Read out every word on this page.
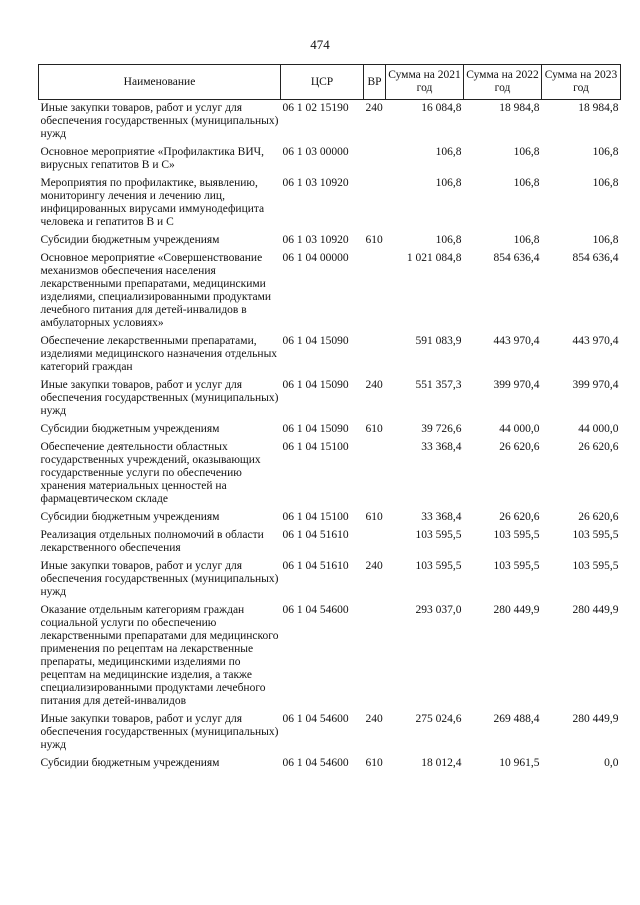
474
Наименование	ЦСР	ВР	Сумма на 2021 год	Сумма на 2022 год	Сумма на 2023 год
Иные закупки товаров, работ и услуг для обеспечения государственных (муниципальных) нужд	06 1 02 15190	240	16 084,8	18 984,8	18 984,8
Основное мероприятие «Профилактика ВИЧ, вирусных гепатитов В и С»	06 1 03 00000		106,8	106,8	106,8
Мероприятия по профилактике, выявлению, мониторингу лечения и лечению лиц, инфицированных вирусами иммунодефицита человека и гепатитов В и С	06 1 03 10920		106,8	106,8	106,8
Субсидии бюджетным учреждениям	06 1 03 10920	610	106,8	106,8	106,8
Основное мероприятие «Совершенствование механизмов обеспечения населения лекарственными препаратами, медицинскими изделиями, специализированными продуктами лечебного питания для детей-инвалидов в амбулаторных условиях»	06 1 04 00000		1 021 084,8	854 636,4	854 636,4
Обеспечение лекарственными препаратами, изделиями медицинского назначения отдельных категорий граждан	06 1 04 15090		591 083,9	443 970,4	443 970,4
Иные закупки товаров, работ и услуг для обеспечения государственных (муниципальных) нужд	06 1 04 15090	240	551 357,3	399 970,4	399 970,4
Субсидии бюджетным учреждениям	06 1 04 15090	610	39 726,6	44 000,0	44 000,0
Обеспечение деятельности областных государственных учреждений, оказывающих государственные услуги по обеспечению хранения материальных ценностей на фармацевтическом складе	06 1 04 15100		33 368,4	26 620,6	26 620,6
Субсидии бюджетным учреждениям	06 1 04 15100	610	33 368,4	26 620,6	26 620,6
Реализация отдельных полномочий в области лекарственного обеспечения	06 1 04 51610		103 595,5	103 595,5	103 595,5
Иные закупки товаров, работ и услуг для обеспечения государственных (муниципальных) нужд	06 1 04 51610	240	103 595,5	103 595,5	103 595,5
Оказание отдельным категориям граждан социальной услуги по обеспечению лекарственными препаратами для медицинского применения по рецептам на лекарственные препараты, медицинскими изделиями по рецептам на медицинские изделия, а также специализированными продуктами лечебного питания для детей-инвалидов	06 1 04 54600		293 037,0	280 449,9	280 449,9
Иные закупки товаров, работ и услуг для обеспечения государственных (муниципальных) нужд	06 1 04 54600	240	275 024,6	269 488,4	280 449,9
Субсидии бюджетным учреждениям	06 1 04 54600	610	18 012,4	10 961,5	0,0
